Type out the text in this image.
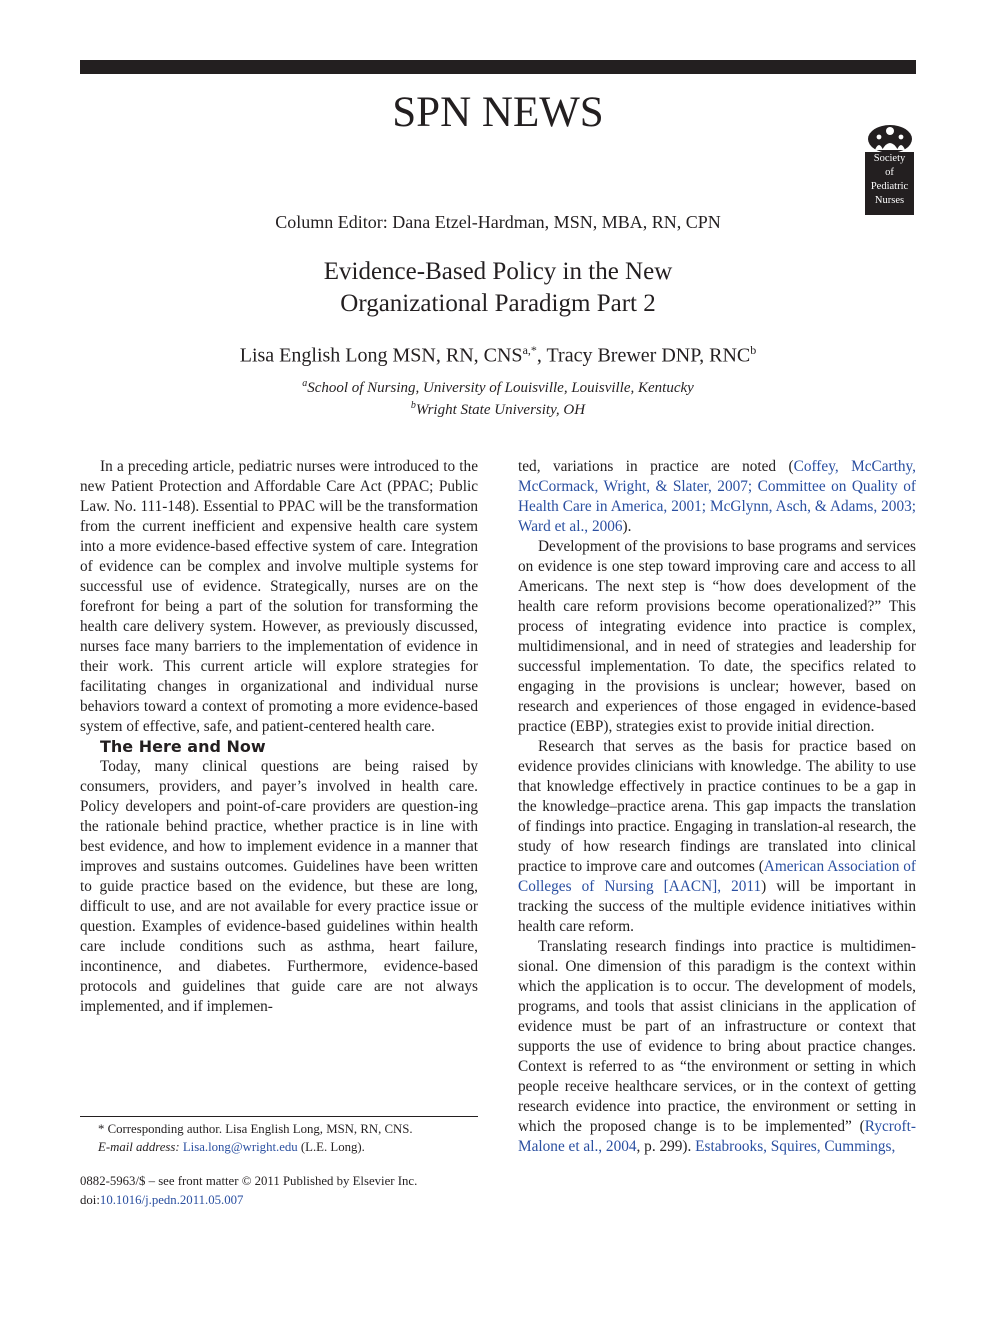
SPN NEWS
Society
of
Pediatric
Nurses
Column Editor: Dana Etzel-Hardman, MSN, MBA, RN, CPN
Evidence-Based Policy in the New
Organizational Paradigm Part 2
Lisa English Long MSN, RN, $CNS^{a,*}$, Tracy Brewer DNP, RNC$^b$
$^a$School of Nursing, University of Louisville, Louisville, Kentucky
$^b$Wright State University, OH

In a preceding article, pediatric nurses were introduced to the new Patient Protection and Affordable Care Act (PPAC; Public Law. No. 111-148). Essential to PPAC will be the transformation from the current inefficient and expensive health care system into a more evidence-based effective system of care. Integration of evidence can be complex and involve multiple systems for successful use of evidence. Strategically, nurses are on the forefront for being a part of the solution for transforming the health care delivery system. However, as previously discussed, nurses face many barriers to the implementation of evidence in their work. This current article will explore strategies for facilitating changes in organizational and individual nurse behaviors toward a context of promoting a more evidence-based system of effective, safe, and patient-centered health care.

The Here and Now

Today, many clinical questions are being raised by consumers, providers, and payer’s involved in health care. Policy developers and point-of-care providers are question-ing the rationale behind practice, whether practice is in line with best evidence, and how to implement evidence in a manner that improves and sustains outcomes. Guidelines have been written to guide practice based on the evidence, but these are long, difficult to use, and are not available for every practice issue or question. Examples of evidence-based guidelines within health care include conditions such as asthma, heart failure, incontinence, and diabetes. Furthermore, evidence-based protocols and guidelines that guide care are not always implemented, and if implemen-

ted, variations in practice are noted (Coffey, McCarthy, McCormack, Wright, & Slater, 2007; Committee on Quality of Health Care in America, 2001; McGlynn, Asch, & Adams, 2003; Ward et al., 2006).

Development of the provisions to base programs and services on evidence is one step toward improving care and access to all Americans. The next step is “how does development of the health care reform provisions become operationalized?” This process of integrating evidence into practice is complex, multidimensional, and in need of strategies and leadership for successful implementation. To date, the specifics related to engaging in the provisions is unclear; however, based on research and experiences of those engaged in evidence-based practice (EBP), strategies exist to provide initial direction.

Research that serves as the basis for practice based on evidence provides clinicians with knowledge. The ability to use that knowledge effectively in practice continues to be a gap in the knowledge–practice arena. This gap impacts the translation of findings into practice. Engaging in translation-al research, the study of how research findings are translated into clinical practice to improve care and outcomes (American Association of Colleges of Nursing [AACN], 2011) will be important in tracking the success of the multiple evidence initiatives within health care reform.

Translating research findings into practice is multidimen-sional. One dimension of this paradigm is the context within which the application is to occur. The development of models, programs, and tools that assist clinicians in the application of evidence must be part of an infrastructure or context that supports the use of evidence to bring about practice changes. Context is referred to as “the environment or setting in which people receive healthcare services, or in the context of getting research evidence into practice, the environment or setting in which the proposed change is to be implemented” (Rycroft-Malone et al., 2004, p. 299). Estabrooks, Squires, Cummings,

* Corresponding author. Lisa English Long, MSN, RN, CNS.
E-mail address: Lisa.long@wright.edu (L.E. Long).
0882-5963/$ – see front matter © 2011 Published by Elsevier Inc.
doi:10.1016/j.pedn.2011.05.007
